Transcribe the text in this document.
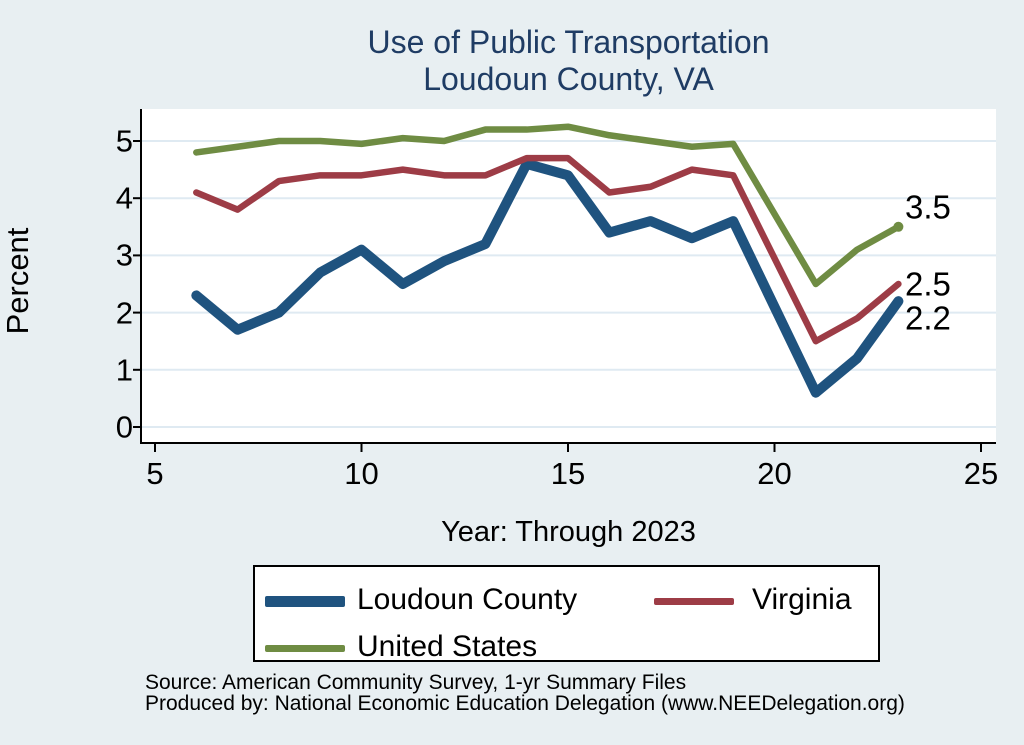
Use of Public Transportation
Loudoun County, VA
0
1
2
3
4
5
5	10	15	20	25
Percent
Year: Through 2023
3.5
2.5
2.2
Loudoun County	Virginia
United States
Source: American Community Survey, 1-yr Summary Files
Produced by: National Economic Education Delegation (www.NEEDelegation.org)
